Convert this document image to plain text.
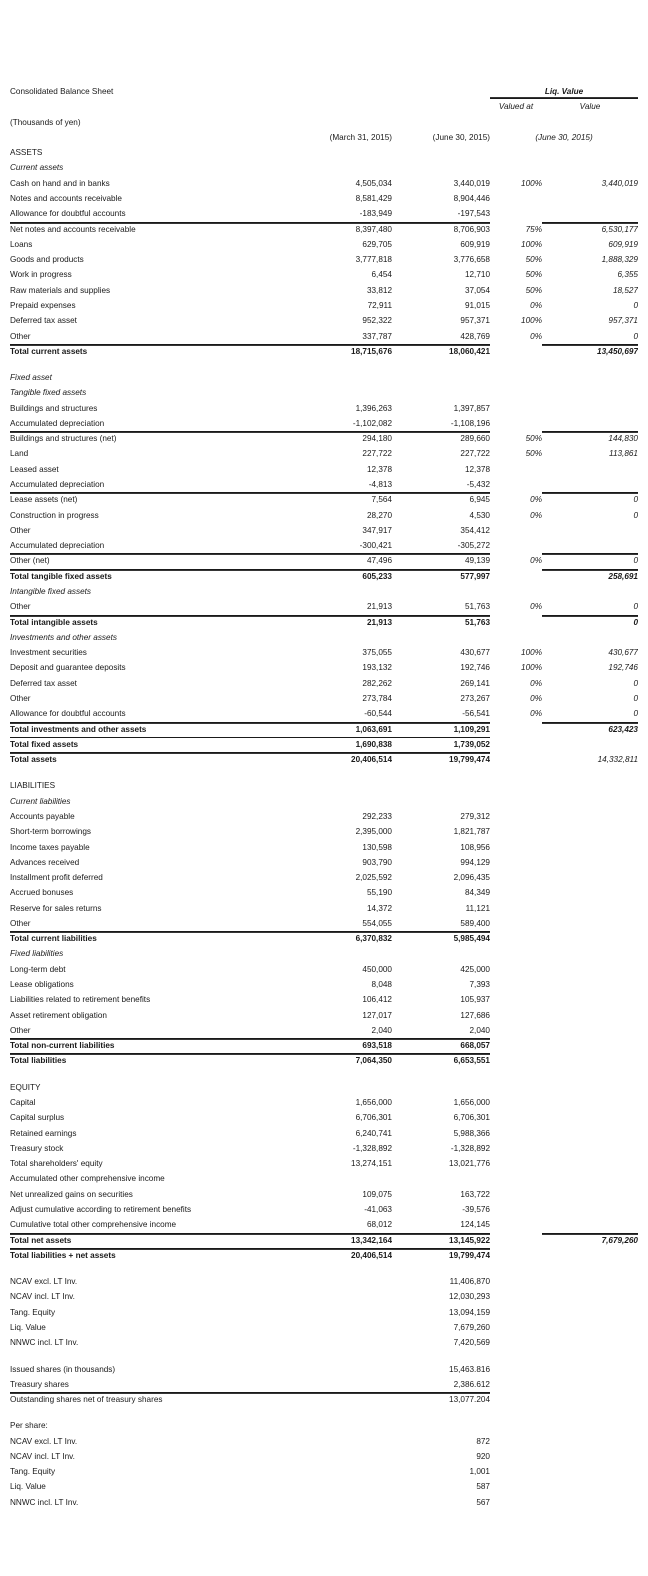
Consolidated Balance Sheet			Liq. Value	
			Valued at	Value
(Thousands of yen)				
	(March 31, 2015)	(June 30, 2015)	(June 30, 2015)	
ASSETS				
Current assets				
Cash on hand and in banks	4,505,034	3,440,019	100%	3,440,019
Notes and accounts receivable	8,581,429	8,904,446		
Allowance for doubtful accounts	-183,949	-197,543		
Net notes and accounts receivable	8,397,480	8,706,903	75%	6,530,177
Loans	629,705	609,919	100%	609,919
Goods and products	3,777,818	3,776,658	50%	1,888,329
Work in progress	6,454	12,710	50%	6,355
Raw materials and supplies	33,812	37,054	50%	18,527
Prepaid expenses	72,911	91,015	0%	0
Deferred tax asset	952,322	957,371	100%	957,371
Other	337,787	428,769	0%	0
Total current assets	18,715,676	18,060,421		13,450,697

Fixed asset				
Tangible fixed assets				
Buildings and structures	1,396,263	1,397,857		
Accumulated depreciation	-1,102,082	-1,108,196		
Buildings and structures (net)	294,180	289,660	50%	144,830
Land	227,722	227,722	50%	113,861
Leased asset	12,378	12,378		
Accumulated depreciation	-4,813	-5,432		
Lease assets (net)	7,564	6,945	0%	0
Construction in progress	28,270	4,530	0%	0
Other	347,917	354,412		
Accumulated depreciation	-300,421	-305,272		
Other (net)	47,496	49,139	0%	0
Total tangible fixed assets	605,233	577,997		258,691
Intangible fixed assets				
Other	21,913	51,763	0%	0
Total intangible assets	21,913	51,763		0
Investments and other assets				
Investment securities	375,055	430,677	100%	430,677
Deposit and guarantee deposits	193,132	192,746	100%	192,746
Deferred tax asset	282,262	269,141	0%	0
Other	273,784	273,267	0%	0
Allowance for doubtful accounts	-60,544	-56,541	0%	0
Total investments and other assets	1,063,691	1,109,291		623,423
Total fixed assets	1,690,838	1,739,052		
Total assets	20,406,514	19,799,474		14,332,811

LIABILITIES				
Current liabilities				
Accounts payable	292,233	279,312		
Short-term borrowings	2,395,000	1,821,787		
Income taxes payable	130,598	108,956		
Advances received	903,790	994,129		
Installment profit deferred	2,025,592	2,096,435		
Accrued bonuses	55,190	84,349		
Reserve for sales returns	14,372	11,121		
Other	554,055	589,400		
Total current liabilities	6,370,832	5,985,494		
Fixed liabilities				
Long-term debt	450,000	425,000		
Lease obligations	8,048	7,393		
Liabilities related to retirement benefits	106,412	105,937		
Asset retirement obligation	127,017	127,686		
Other	2,040	2,040		
Total non-current liabilities	693,518	668,057		
Total liabilities	7,064,350	6,653,551		

EQUITY				
Capital	1,656,000	1,656,000		
Capital surplus	6,706,301	6,706,301		
Retained earnings	6,240,741	5,988,366		
Treasury stock	-1,328,892	-1,328,892		
Total shareholders' equity	13,274,151	13,021,776		
Accumulated other comprehensive income				
Net unrealized gains on securities	109,075	163,722		
Adjust cumulative according to retirement benefits	-41,063	-39,576		
Cumulative total other comprehensive income	68,012	124,145		
Total net assets	13,342,164	13,145,922		7,679,260
Total liabilities + net assets	20,406,514	19,799,474		

NCAV excl. LT Inv.		11,406,870		
NCAV incl. LT Inv.		12,030,293		
Tang. Equity		13,094,159		
Liq. Value		7,679,260		
NNWC incl. LT Inv.		7,420,569		

Issued shares (in thousands)		15,463.816		
Treasury shares		2,386.612		
Outstanding shares net of treasury shares		13,077.204		

Per share:				
NCAV excl. LT Inv.		872		
NCAV incl. LT Inv.		920		
Tang. Equity		1,001		
Liq. Value		587		
NNWC incl. LT Inv.		567		
